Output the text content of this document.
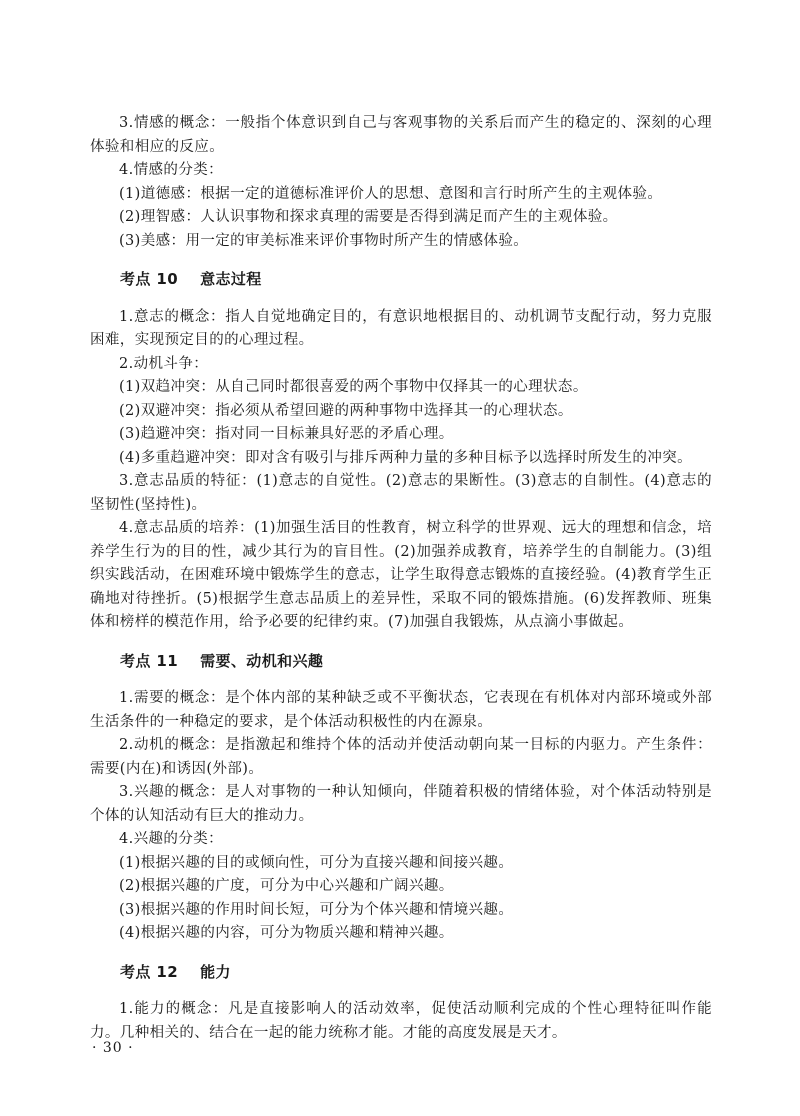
3.情感的概念：一般指个体意识到自己与客观事物的关系后而产生的稳定的、深刻的心理体验和相应的反应。

4.情感的分类：

(1)道德感：根据一定的道德标准评价人的思想、意图和言行时所产生的主观体验。

(2)理智感：人认识事物和探求真理的需要是否得到满足而产生的主观体验。

(3)美感：用一定的审美标准来评价事物时所产生的情感体验。

考点 10 意志过程

1.意志的概念：指人自觉地确定目的，有意识地根据目的、动机调节支配行动，努力克服困难，实现预定目的的心理过程。

2.动机斗争：

(1)双趋冲突：从自己同时都很喜爱的两个事物中仅择其一的心理状态。

(2)双避冲突：指必须从希望回避的两种事物中选择其一的心理状态。

(3)趋避冲突：指对同一目标兼具好恶的矛盾心理。

(4)多重趋避冲突：即对含有吸引与排斥两种力量的多种目标予以选择时所发生的冲突。

3.意志品质的特征：(1)意志的自觉性。(2)意志的果断性。(3)意志的自制性。(4)意志的坚韧性(坚持性)。

4.意志品质的培养：(1)加强生活目的性教育，树立科学的世界观、远大的理想和信念，培养学生行为的目的性，减少其行为的盲目性。(2)加强养成教育，培养学生的自制能力。(3)组织实践活动，在困难环境中锻炼学生的意志，让学生取得意志锻炼的直接经验。(4)教育学生正确地对待挫折。(5)根据学生意志品质上的差异性，采取不同的锻炼措施。(6)发挥教师、班集体和榜样的模范作用，给予必要的纪律约束。(7)加强自我锻炼，从点滴小事做起。

考点 11 需要、动机和兴趣

1.需要的概念：是个体内部的某种缺乏或不平衡状态，它表现在有机体对内部环境或外部生活条件的一种稳定的要求，是个体活动积极性的内在源泉。

2.动机的概念：是指激起和维持个体的活动并使活动朝向某一目标的内驱力。产生条件：需要(内在)和诱因(外部)。

3.兴趣的概念：是人对事物的一种认知倾向，伴随着积极的情绪体验，对个体活动特别是个体的认知活动有巨大的推动力。

4.兴趣的分类：

(1)根据兴趣的目的或倾向性，可分为直接兴趣和间接兴趣。

(2)根据兴趣的广度，可分为中心兴趣和广阔兴趣。

(3)根据兴趣的作用时间长短，可分为个体兴趣和情境兴趣。

(4)根据兴趣的内容，可分为物质兴趣和精神兴趣。

考点 12 能力

1.能力的概念：凡是直接影响人的活动效率，促使活动顺利完成的个性心理特征叫作能力。几种相关的、结合在一起的能力统称才能。才能的高度发展是天才。

· 30 ·
